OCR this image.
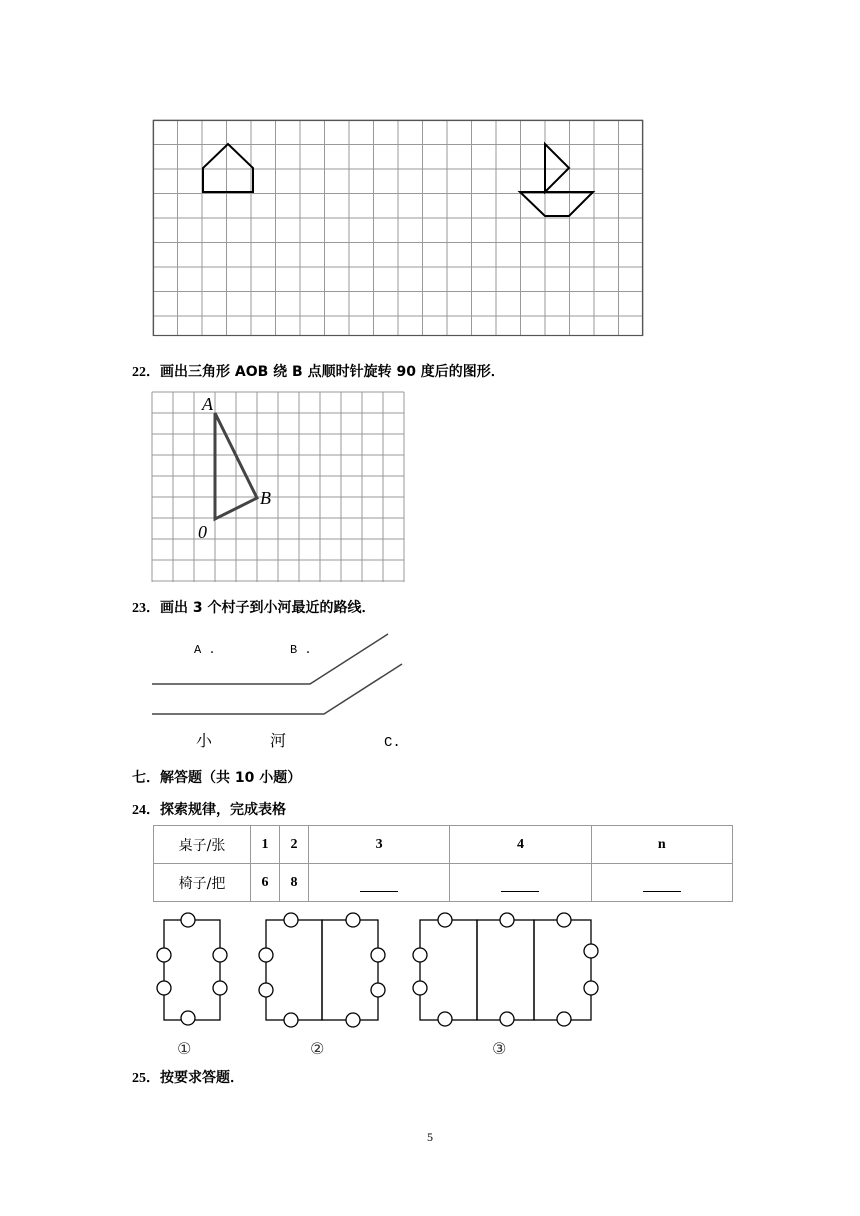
22．画出三角形 AOB 绕 B 点顺时针旋转 90 度后的图形．
A
B
0
23．画出 3 个村子到小河最近的路线．
A .	B .
小	河	C.
七．解答题（共 10 小题）
24．探索规律，完成表格
桌子/张	1	2	3	4	n
椅子/把	6	8			
①	②	③
25．按要求答题．
5
